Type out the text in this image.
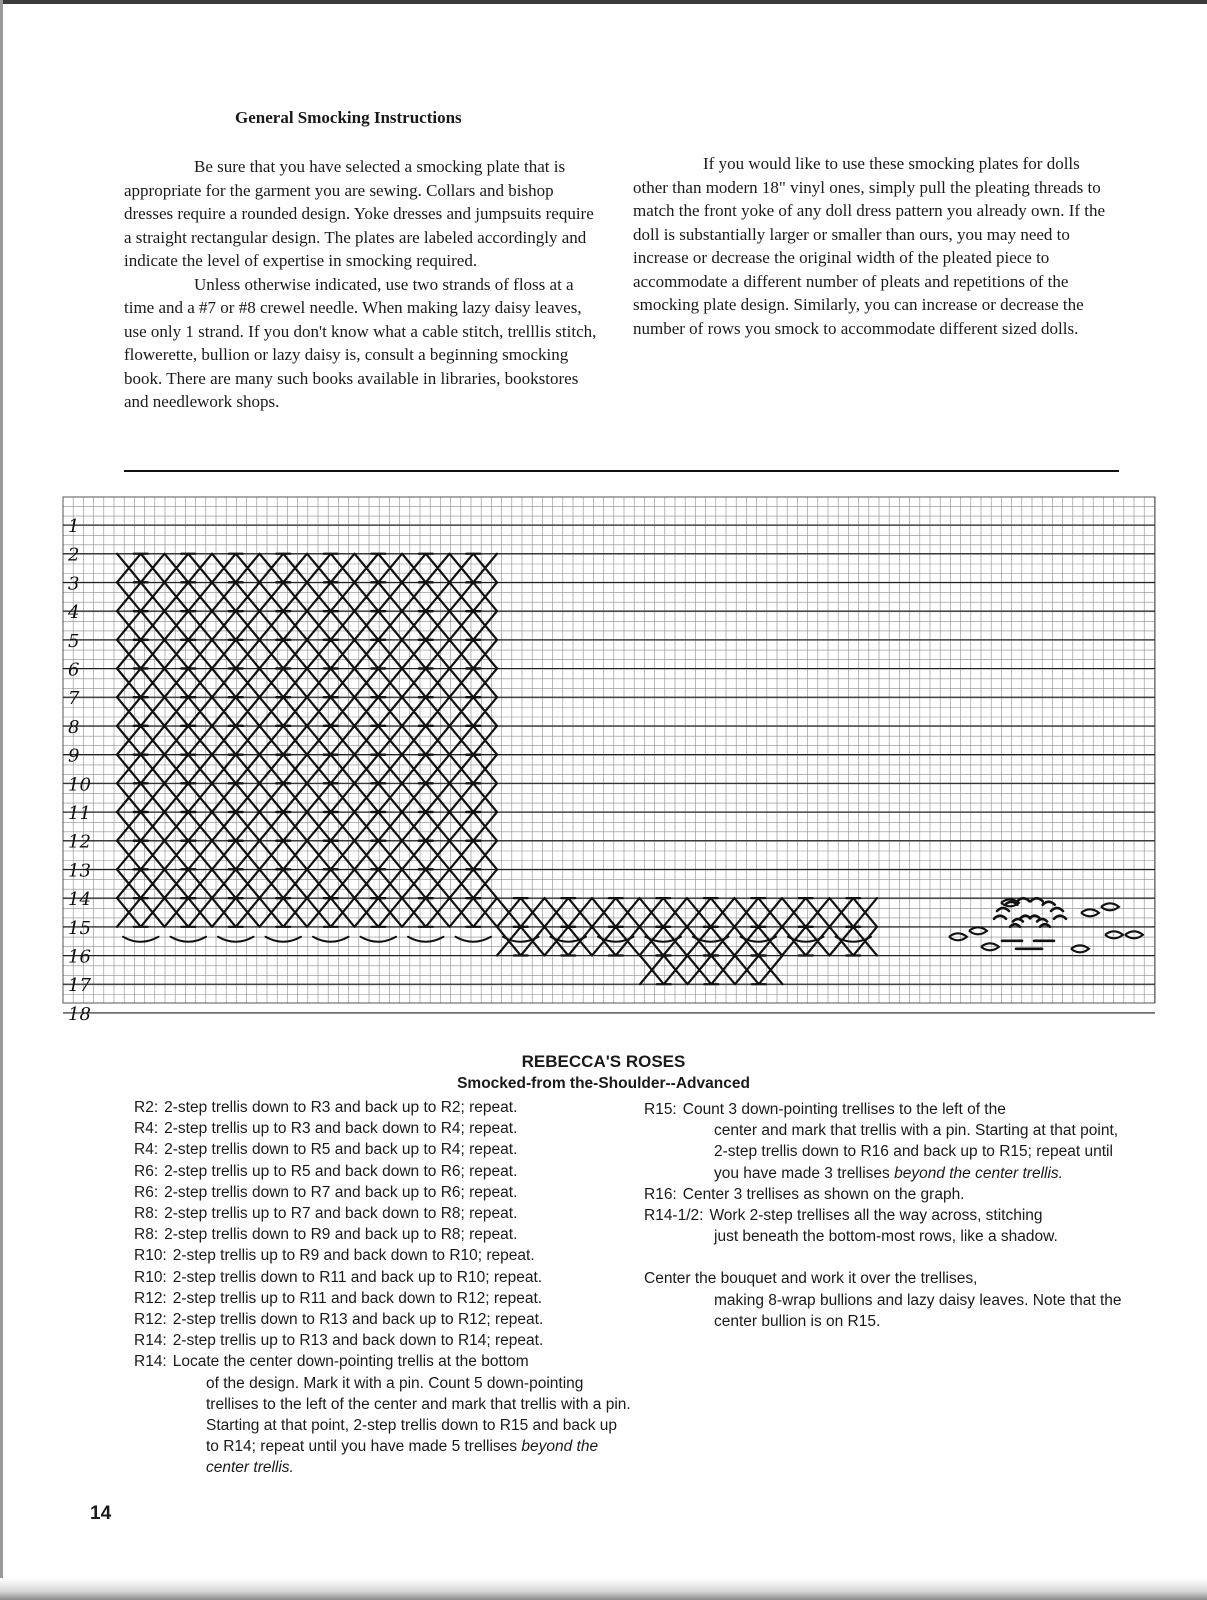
General Smocking Instructions

Be sure that you have selected a smocking plate that is appropriate for the garment you are sewing. Collars and bishop dresses require a rounded design. Yoke dresses and jumpsuits require a straight rectangular design. The plates are labeled accordingly and indicate the level of expertise in smocking required.

Unless otherwise indicated, use two strands of floss at a time and a #7 or #8 crewel needle. When making lazy daisy leaves, use only 1 strand. If you don't know what a cable stitch, trelllis stitch, flowerette, bullion or lazy daisy is, consult a beginning smocking book. There are many such books available in libraries, bookstores and needlework shops.

If you would like to use these smocking plates for dolls other than modern 18" vinyl ones, simply pull the pleating threads to match the front yoke of any doll dress pattern you already own. If the doll is substantially larger or smaller than ours, you may need to increase or decrease the original width of the pleated piece to accommodate a different number of pleats and repetitions of the smocking plate design. Similarly, you can increase or decrease the number of rows you smock to accommodate different sized dolls.

1
2
3
4
5
6
7
8
9
10
11
12
13
14
15
16
17
18
REBECCA'S ROSES
Smocked-from the-Shoulder--Advanced
R2: 2-step trellis down to R3 and back up to R2; repeat.
R4: 2-step trellis up to R3 and back down to R4; repeat.
R4: 2-step trellis down to R5 and back up to R4; repeat.
R6: 2-step trellis up to R5 and back down to R6; repeat.
R6: 2-step trellis down to R7 and back up to R6; repeat.
R8: 2-step trellis up to R7 and back down to R8; repeat.
R8: 2-step trellis down to R9 and back up to R8; repeat.
R10: 2-step trellis up to R9 and back down to R10; repeat.
R10: 2-step trellis down to R11 and back up to R10; repeat.
R12: 2-step trellis up to R11 and back down to R12; repeat.
R12: 2-step trellis down to R13 and back up to R12; repeat.
R14: 2-step trellis up to R13 and back down to R14; repeat.
R14: Locate the center down-pointing trellis at the bottom
of the design. Mark it with a pin. Count 5 down-pointing trellises to the left of the center and mark that trellis with a pin. Starting at that point, 2-step trellis down to R15 and back up to R14; repeat until you have made 5 trellises beyond the center trellis.
R15: Count 3 down-pointing trellises to the left of the
center and mark that trellis with a pin. Starting at that point, 2-step trellis down to R16 and back up to R15; repeat until you have made 3 trellises beyond the center trellis.
R16: Center 3 trellises as shown on the graph.
R14-1/2: Work 2-step trellises all the way across, stitching
just beneath the bottom-most rows, like a shadow.
Center the bouquet and work it over the trellises,
making 8-wrap bullions and lazy daisy leaves. Note that the center bullion is on R15.
14
